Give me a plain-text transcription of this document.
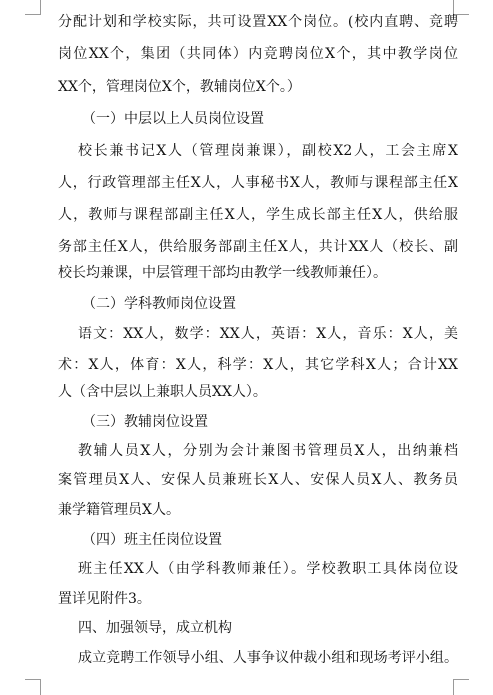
分配计划和学校实际，共可设置XX个岗位。(校内直聘、竞聘
岗位XX个，集团（共同体）内竞聘岗位X个，其中教学岗位
XX个，管理岗位X个，教辅岗位X个。）
（一）中层以上人员岗位设置
校长兼书记X人（管理岗兼课），副校X2人，工会主席X
人，行政管理部主任X人，人事秘书X人，教师与课程部主任X
人，教师与课程部副主任X人，学生成长部主任X人，供给服
务部主任X人，供给服务部副主任X人，共计XX人（校长、副
校长均兼课，中层管理干部均由教学一线教师兼任）。
（二）学科教师岗位设置
语文：XX人，数学：XX人，英语：X人，音乐：X人，美
术：X人，体育：X人，科学：X人，其它学科X人；合计XX
人（含中层以上兼职人员XX人）。
（三）教辅岗位设置
教辅人员X人，分别为会计兼图书管理员X人，出纳兼档
案管理员X人、安保人员兼班长X人、安保人员X人、教务员
兼学籍管理员X人。
（四）班主任岗位设置
班主任XX人（由学科教师兼任）。学校教职工具体岗位设
置详见附件3。
四、加强领导，成立机构
成立竞聘工作领导小组、人事争议仲裁小组和现场考评小组。
